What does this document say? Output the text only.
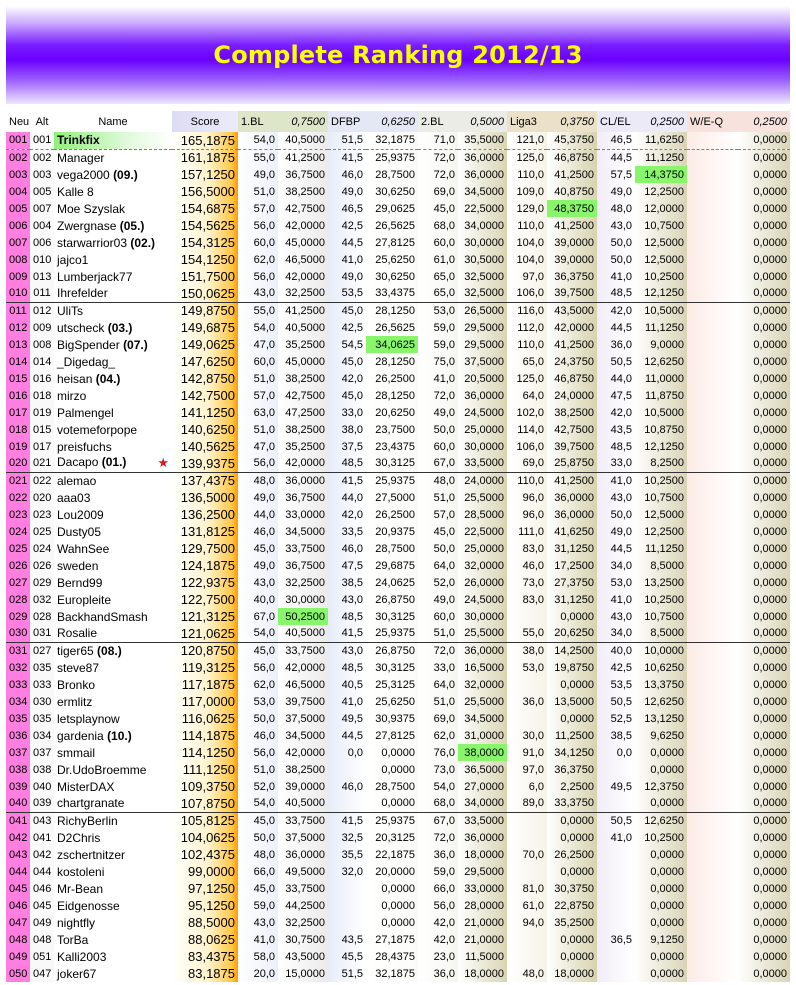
Complete Ranking 2012/13
Neu	Alt	Name	Score	1.BL	0,7500	DFBP	0,6250	2.BL	0,5000	Liga3	0,3750	CL/EL	0,2500	W/E-Q	0,2500
001	001	Trinkfix	165,1875	54,0	40,5000	51,5	32,1875	71,0	35,5000	121,0	45,3750	46,5	11,6250		0,0000
002	002	Manager	161,1875	55,0	41,2500	41,5	25,9375	72,0	36,0000	125,0	46,8750	44,5	11,1250		0,0000
003	003	vega2000 (09.)	157,1250	49,0	36,7500	46,0	28,7500	72,0	36,0000	110,0	41,2500	57,5	14,3750		0,0000
004	005	Kalle 8	156,5000	51,0	38,2500	49,0	30,6250	69,0	34,5000	109,0	40,8750	49,0	12,2500		0,0000
005	007	Moe Szyslak	154,6875	57,0	42,7500	46,5	29,0625	45,0	22,5000	129,0	48,3750	48,0	12,0000		0,0000
006	004	Zwergnase (05.)	154,5625	56,0	42,0000	42,5	26,5625	68,0	34,0000	110,0	41,2500	43,0	10,7500		0,0000
007	006	starwarrior03 (02.)	154,3125	60,0	45,0000	44,5	27,8125	60,0	30,0000	104,0	39,0000	50,0	12,5000		0,0000
008	010	jajco1	154,1250	62,0	46,5000	41,0	25,6250	61,0	30,5000	104,0	39,0000	50,0	12,5000		0,0000
009	013	Lumberjack77	151,7500	56,0	42,0000	49,0	30,6250	65,0	32,5000	97,0	36,3750	41,0	10,2500		0,0000
010	011	Ihrefelder	150,0625	43,0	32,2500	53,5	33,4375	65,0	32,5000	106,0	39,7500	48,5	12,1250		0,0000
011	012	UliTs	149,8750	55,0	41,2500	45,0	28,1250	53,0	26,5000	116,0	43,5000	42,0	10,5000		0,0000
012	009	utscheck (03.)	149,6875	54,0	40,5000	42,5	26,5625	59,0	29,5000	112,0	42,0000	44,5	11,1250		0,0000
013	008	BigSpender (07.)	149,0625	47,0	35,2500	54,5	34,0625	59,0	29,5000	110,0	41,2500	36,0	9,0000		0,0000
014	014	_Digedag_	147,6250	60,0	45,0000	45,0	28,1250	75,0	37,5000	65,0	24,3750	50,5	12,6250		0,0000
015	016	heisan (04.)	142,8750	51,0	38,2500	42,0	26,2500	41,0	20,5000	125,0	46,8750	44,0	11,0000		0,0000
016	018	mirzo	142,7500	57,0	42,7500	45,0	28,1250	72,0	36,0000	64,0	24,0000	47,5	11,8750		0,0000
017	019	Palmengel	141,1250	63,0	47,2500	33,0	20,6250	49,0	24,5000	102,0	38,2500	42,0	10,5000		0,0000
018	015	votemeforpope	140,6250	51,0	38,2500	38,0	23,7500	50,0	25,0000	114,0	42,7500	43,5	10,8750		0,0000
019	017	preisfuchs	140,5625	47,0	35,2500	37,5	23,4375	60,0	30,0000	106,0	39,7500	48,5	12,1250		0,0000
020	021	Dacapo (01.) ★	139,9375	56,0	42,0000	48,5	30,3125	67,0	33,5000	69,0	25,8750	33,0	8,2500		0,0000
021	022	alemao	137,4375	48,0	36,0000	41,5	25,9375	48,0	24,0000	110,0	41,2500	41,0	10,2500		0,0000
022	020	aaa03	136,5000	49,0	36,7500	44,0	27,5000	51,0	25,5000	96,0	36,0000	43,0	10,7500		0,0000
023	023	Lou2009	136,2500	44,0	33,0000	42,0	26,2500	57,0	28,5000	96,0	36,0000	50,0	12,5000		0,0000
024	025	Dusty05	131,8125	46,0	34,5000	33,5	20,9375	45,0	22,5000	111,0	41,6250	49,0	12,2500		0,0000
025	024	WahnSee	129,7500	45,0	33,7500	46,0	28,7500	50,0	25,0000	83,0	31,1250	44,5	11,1250		0,0000
026	026	sweden	124,1875	49,0	36,7500	47,5	29,6875	64,0	32,0000	46,0	17,2500	34,0	8,5000		0,0000
027	029	Bernd99	122,9375	43,0	32,2500	38,5	24,0625	52,0	26,0000	73,0	27,3750	53,0	13,2500		0,0000
028	032	Europleite	122,7500	40,0	30,0000	43,0	26,8750	49,0	24,5000	83,0	31,1250	41,0	10,2500		0,0000
029	028	BackhandSmash	121,3125	67,0	50,2500	48,5	30,3125	60,0	30,0000		0,0000	43,0	10,7500		0,0000
030	031	Rosalie	121,0625	54,0	40,5000	41,5	25,9375	51,0	25,5000	55,0	20,6250	34,0	8,5000		0,0000
031	027	tiger65 (08.)	120,8750	45,0	33,7500	43,0	26,8750	72,0	36,0000	38,0	14,2500	40,0	10,0000		0,0000
032	035	steve87	119,3125	56,0	42,0000	48,5	30,3125	33,0	16,5000	53,0	19,8750	42,5	10,6250		0,0000
033	033	Bronko	117,1875	62,0	46,5000	40,5	25,3125	64,0	32,0000		0,0000	53,5	13,3750		0,0000
034	030	ermlitz	117,0000	53,0	39,7500	41,0	25,6250	51,0	25,5000	36,0	13,5000	50,5	12,6250		0,0000
035	035	letsplaynow	116,0625	50,0	37,5000	49,5	30,9375	69,0	34,5000		0,0000	52,5	13,1250		0,0000
036	034	gardenia (10.)	114,1875	46,0	34,5000	44,5	27,8125	62,0	31,0000	30,0	11,2500	38,5	9,6250		0,0000
037	037	smmail	114,1250	56,0	42,0000	0,0	0,0000	76,0	38,0000	91,0	34,1250	0,0	0,0000		0,0000
038	038	Dr.UdoBroemme	111,1250	51,0	38,2500		0,0000	73,0	36,5000	97,0	36,3750		0,0000		0,0000
039	040	MisterDAX	109,3750	52,0	39,0000	46,0	28,7500	54,0	27,0000	6,0	2,2500	49,5	12,3750		0,0000
040	039	chartgranate	107,8750	54,0	40,5000		0,0000	68,0	34,0000	89,0	33,3750		0,0000		0,0000
041	043	RichyBerlin	105,8125	45,0	33,7500	41,5	25,9375	67,0	33,5000		0,0000	50,5	12,6250		0,0000
042	041	D2Chris	104,0625	50,0	37,5000	32,5	20,3125	72,0	36,0000		0,0000	41,0	10,2500		0,0000
043	042	zschertnitzer	102,4375	48,0	36,0000	35,5	22,1875	36,0	18,0000	70,0	26,2500		0,0000		0,0000
044	044	kostoleni	99,0000	66,0	49,5000	32,0	20,0000	59,0	29,5000		0,0000		0,0000		0,0000
045	046	Mr-Bean	97,1250	45,0	33,7500		0,0000	66,0	33,0000	81,0	30,3750		0,0000		0,0000
046	045	Eidgenosse	95,1250	59,0	44,2500		0,0000	56,0	28,0000	61,0	22,8750		0,0000		0,0000
047	049	nightfly	88,5000	43,0	32,2500		0,0000	42,0	21,0000	94,0	35,2500		0,0000		0,0000
048	048	TorBa	88,0625	41,0	30,7500	43,5	27,1875	42,0	21,0000		0,0000	36,5	9,1250		0,0000
049	051	Kalli2003	83,4375	58,0	43,5000	45,5	28,4375	23,0	11,5000		0,0000		0,0000		0,0000
050	047	joker67	83,1875	20,0	15,0000	51,5	32,1875	36,0	18,0000	48,0	18,0000		0,0000		0,0000
